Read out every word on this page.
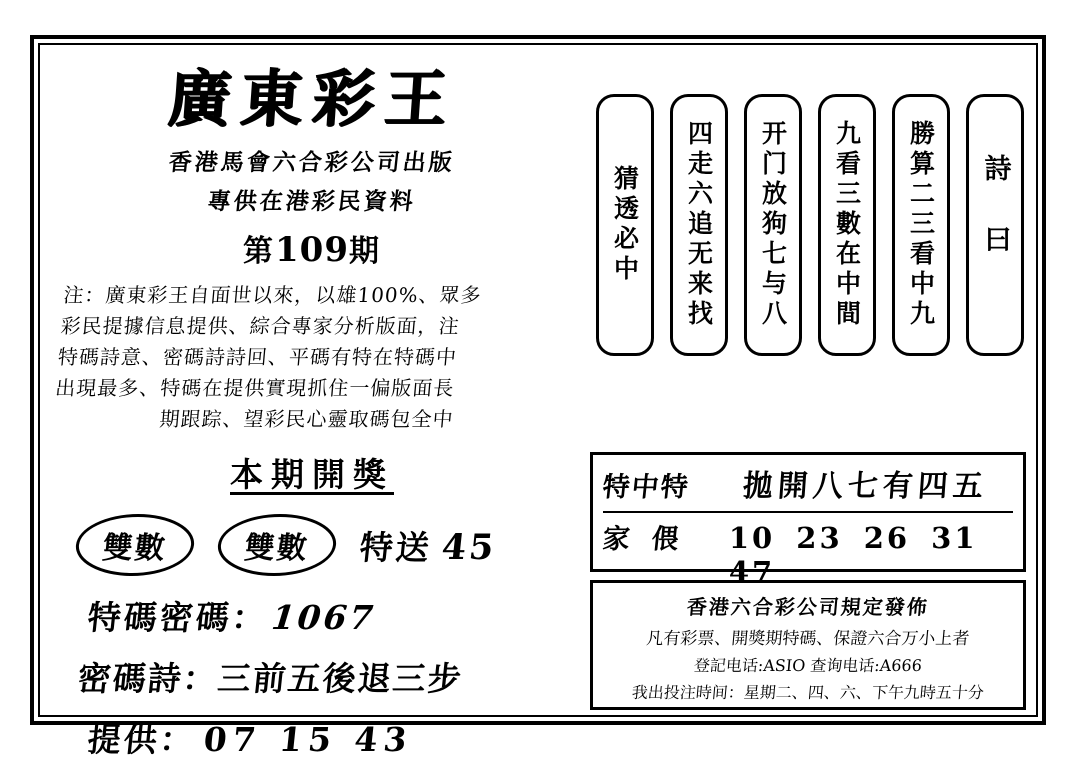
廣東彩王
香港馬會六合彩公司出版
專供在港彩民資料
第109期
注：廣東彩王自面世以來，以雄100%、眾多
彩民提據信息提供、綜合專家分析版面，注
特碼詩意、密碼詩詩回、平碼有特在特碼中
出現最多、特碼在提供實現抓住一偏版面長
期跟踪、望彩民心靈取碼包全中
本期開獎
雙數	雙數	特送 45
特碼密碼：1067
密碼詩：三前五後退三步
提供： 07 15 43
猜透必中 四走六追无来找 开门放狗七与八 九看三數在中間 勝算二三看中九 詩曰
特中特	拋開八七有四五
家偎 10 23 26 31 47
香港六合彩公司規定發佈
凡有彩票、開獎期特碼、保證六合万小上者
登記电话:ASIO 查询电话:A666
我出投注時间：星期二、四、六、下午九時五十分
